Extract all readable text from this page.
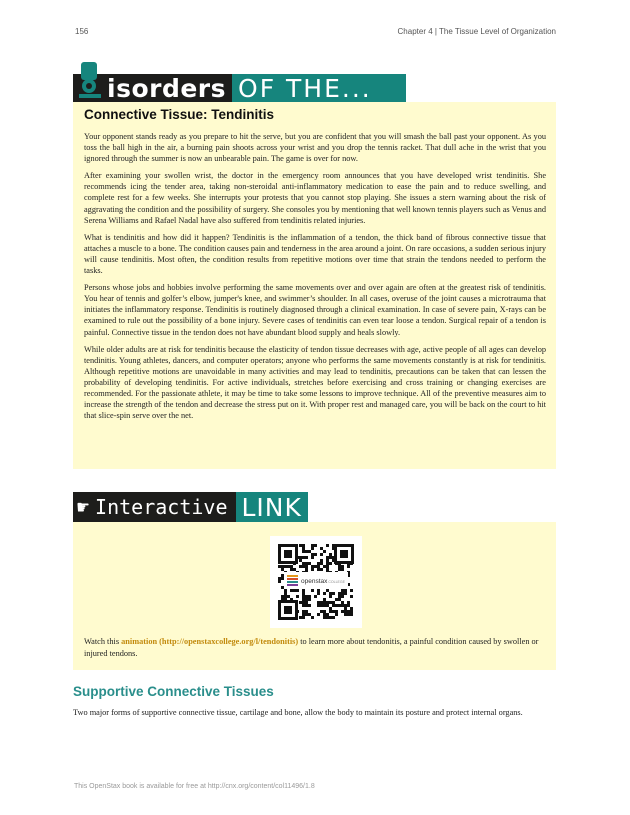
156	Chapter 4 | The Tissue Level of Organization
isorders OF THE...
Connective Tissue: Tendinitis

Your opponent stands ready as you prepare to hit the serve, but you are confident that you will smash the ball past your opponent. As you toss the ball high in the air, a burning pain shoots across your wrist and you drop the tennis racket. That dull ache in the wrist that you ignored through the summer is now an unbearable pain. The game is over for now.

After examining your swollen wrist, the doctor in the emergency room announces that you have developed wrist tendinitis. She recommends icing the tender area, taking non-steroidal anti-inflammatory medication to ease the pain and to reduce swelling, and complete rest for a few weeks. She interrupts your protests that you cannot stop playing. She issues a stern warning about the risk of aggravating the condition and the possibility of surgery. She consoles you by mentioning that well known tennis players such as Venus and Serena Williams and Rafael Nadal have also suffered from tendinitis related injuries.

What is tendinitis and how did it happen? Tendinitis is the inflammation of a tendon, the thick band of fibrous connective tissue that attaches a muscle to a bone. The condition causes pain and tenderness in the area around a joint. On rare occasions, a sudden serious injury will cause tendinitis. Most often, the condition results from repetitive motions over time that strain the tendons needed to perform the tasks.

Persons whose jobs and hobbies involve performing the same movements over and over again are often at the greatest risk of tendinitis. You hear of tennis and golfer’s elbow, jumper's knee, and swimmer’s shoulder. In all cases, overuse of the joint causes a microtrauma that initiates the inflammatory response. Tendinitis is routinely diagnosed through a clinical examination. In case of severe pain, X-rays can be examined to rule out the possibility of a bone injury. Severe cases of tendinitis can even tear loose a tendon. Surgical repair of a tendon is painful. Connective tissue in the tendon does not have abundant blood supply and heals slowly.

While older adults are at risk for tendinitis because the elasticity of tendon tissue decreases with age, active people of all ages can develop tendinitis. Young athletes, dancers, and computer operators; anyone who performs the same movements constantly is at risk for tendinitis. Although repetitive motions are unavoidable in many activities and may lead to tendinitis, precautions can be taken that can lessen the probability of developing tendinitis. For active individuals, stretches before exercising and cross training or changing exercises are recommended. For the passionate athlete, it may be time to take some lessons to improve technique. All of the preventive measures aim to increase the strength of the tendon and decrease the stress put on it. With proper rest and managed care, you will be back on the court to hit that slice-spin serve over the net.

☛ Interactive LINK
openstaxCOLLEGE
Watch this animation (http://openstaxcollege.org/l/tendonitis) to learn more about tendonitis, a painful condition caused by swollen or injured tendons.
Supportive Connective Tissues

Two major forms of supportive connective tissue, cartilage and bone, allow the body to maintain its posture and protect internal organs.

This OpenStax book is available for free at http://cnx.org/content/col11496/1.8
